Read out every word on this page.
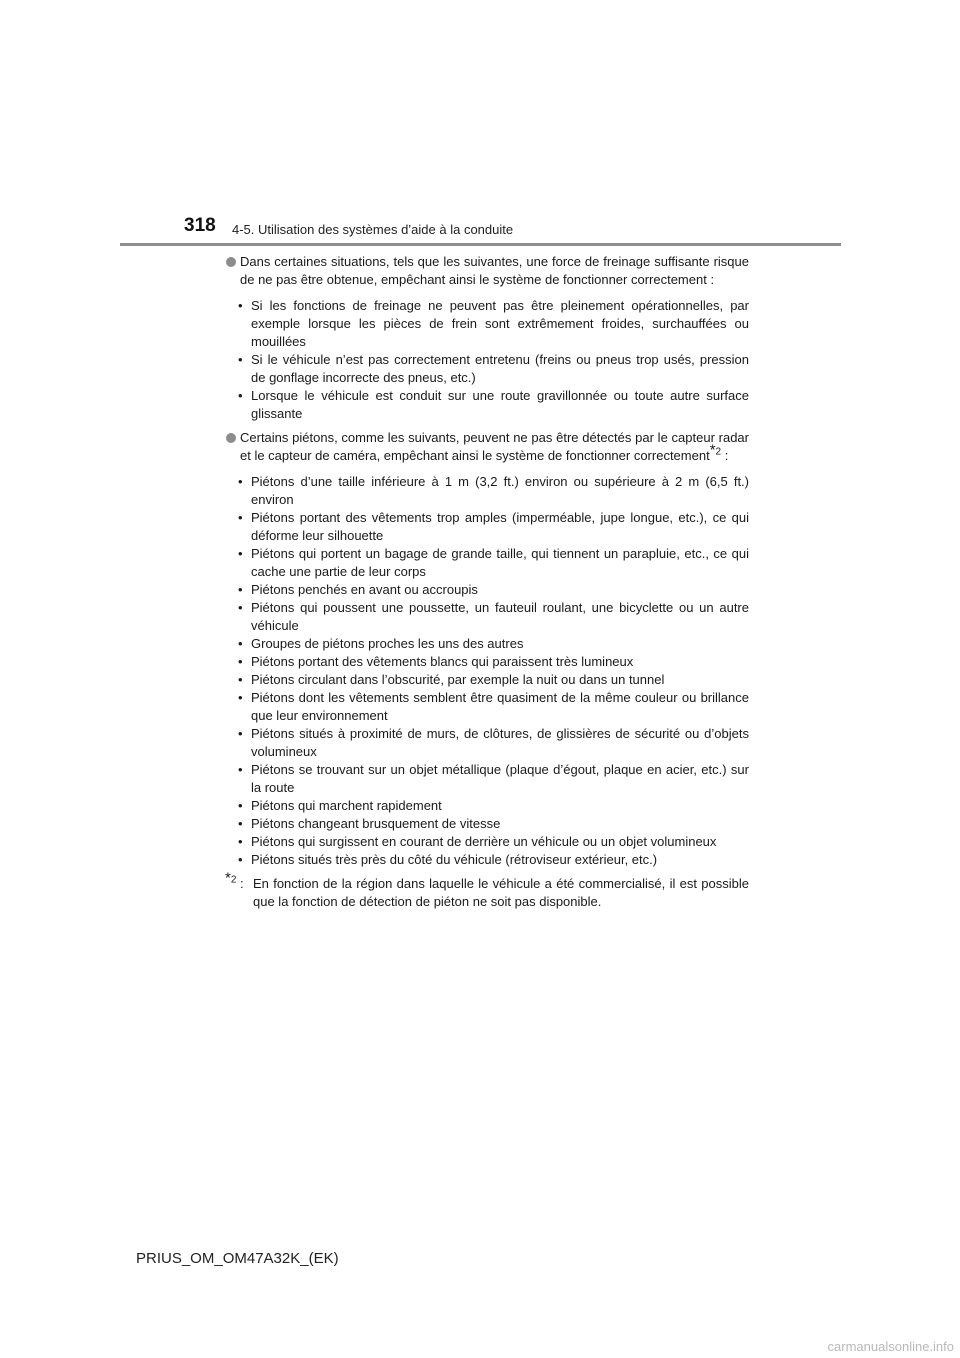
318 4-5. Utilisation des systèmes d’aide à la conduite
Dans certaines situations, tels que les suivantes, une force de freinage suffisante risque de ne pas être obtenue, empêchant ainsi le système de fonctionner correctement :
• Si les fonctions de freinage ne peuvent pas être pleinement opérationnelles, par exemple lorsque les pièces de frein sont extrêmement froides, surchauffées ou mouillées
• Si le véhicule n’est pas correctement entretenu (freins ou pneus trop usés, pression de gonflage incorrecte des pneus, etc.)
• Lorsque le véhicule est conduit sur une route gravillonnée ou toute autre surface glissante
Certains piétons, comme les suivants, peuvent ne pas être détectés par le capteur radar et le capteur de caméra, empêchant ainsi le système de fonctionner correctement*$^2$ :
• Piétons d’une taille inférieure à 1 m (3,2 ft.) environ ou supérieure à 2 m (6,5 ft.) environ
• Piétons portant des vêtements trop amples (imperméable, jupe longue, etc.), ce qui déforme leur silhouette
• Piétons qui portent un bagage de grande taille, qui tiennent un parapluie, etc., ce qui cache une partie de leur corps
• Piétons penchés en avant ou accroupis
• Piétons qui poussent une poussette, un fauteuil roulant, une bicyclette ou un autre véhicule
• Groupes de piétons proches les uns des autres
• Piétons portant des vêtements blancs qui paraissent très lumineux
• Piétons circulant dans l’obscurité, par exemple la nuit ou dans un tunnel
• Piétons dont les vêtements semblent être quasiment de la même couleur ou brillance que leur environnement
• Piétons situés à proximité de murs, de clôtures, de glissières de sécurité ou d’objets volumineux
• Piétons se trouvant sur un objet métallique (plaque d’égout, plaque en acier, etc.) sur la route
• Piétons qui marchent rapidement
• Piétons changeant brusquement de vitesse
• Piétons qui surgissent en courant de derrière un véhicule ou un objet volumineux
• Piétons situés très près du côté du véhicule (rétroviseur extérieur, etc.)
*$^2$ : En fonction de la région dans laquelle le véhicule a été commercialisé, il est possible que la fonction de détection de piéton ne soit pas disponible.
PRIUS_OM_OM47A32K_(EK)
carmanualsonline.info
